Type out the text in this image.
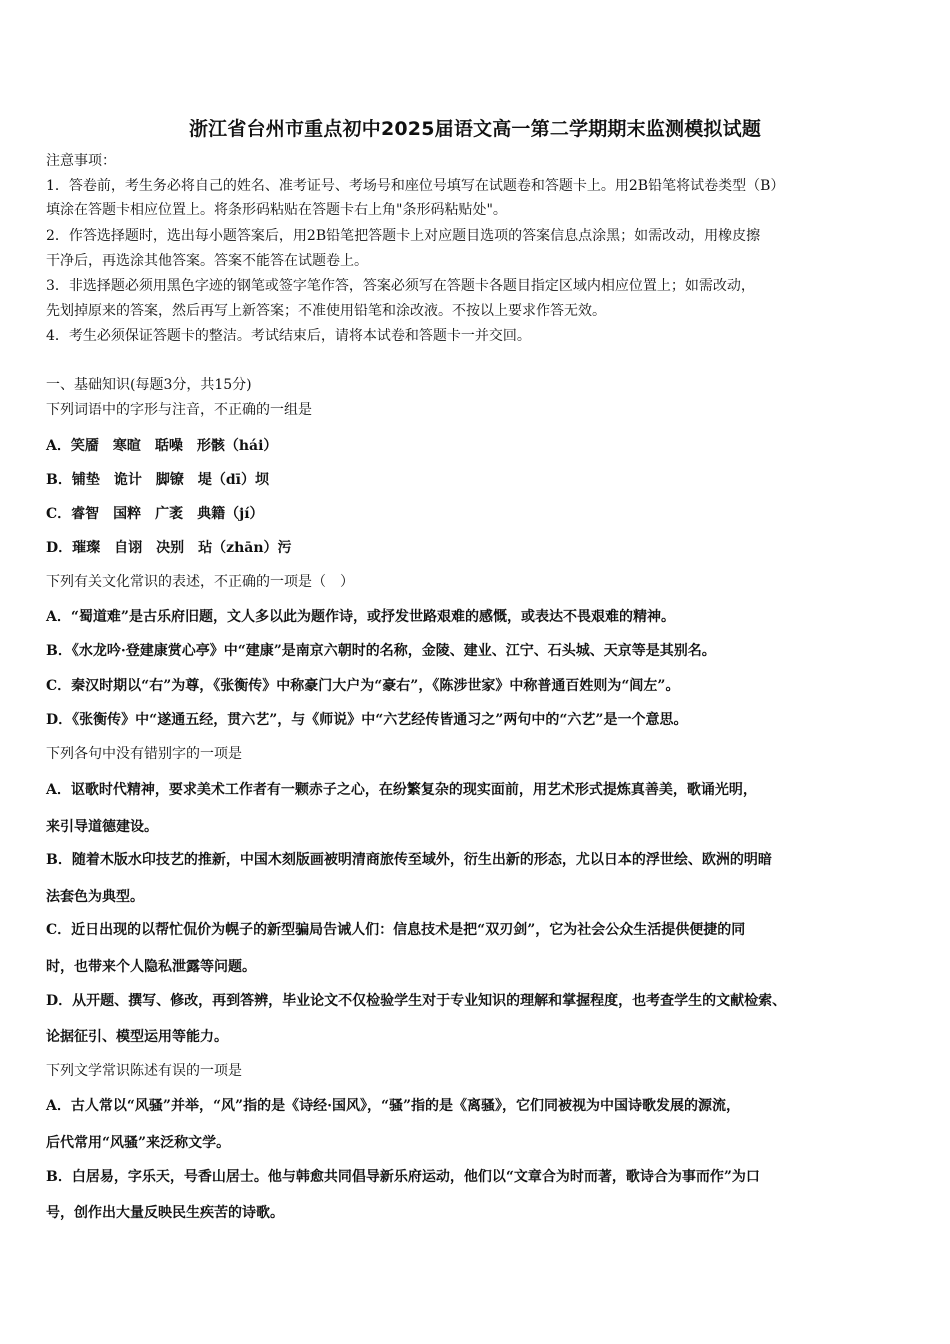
浙江省台州市重点初中2025届语文高一第二学期期末监测模拟试题
注意事项：
1．答卷前，考生务必将自己的姓名、准考证号、考场号和座位号填写在试题卷和答题卡上。用2B铅笔将试卷类型（B）
填涂在答题卡相应位置上。将条形码粘贴在答题卡右上角"条形码粘贴处"。
2．作答选择题时，选出每小题答案后，用2B铅笔把答题卡上对应题目选项的答案信息点涂黑；如需改动，用橡皮擦
干净后，再选涂其他答案。答案不能答在试题卷上。
3．非选择题必须用黑色字迹的钢笔或签字笔作答，答案必须写在答题卡各题目指定区域内相应位置上；如需改动，
先划掉原来的答案，然后再写上新答案；不准使用铅笔和涂改液。不按以上要求作答无效。
4．考生必须保证答题卡的整洁。考试结束后，请将本试卷和答题卡一并交回。
一、基础知识(每题3分，共15分)
下列词语中的字形与注音，不正确的一组是
A．笑靥　寒暄　聒噪　形骸（hái）
B．铺垫　诡计　脚镣　堤（dī）坝
C．睿智　国粹　广袤　典籍（jí）
D．璀璨　自诩　决别　玷（zhān）污
下列有关文化常识的表述，不正确的一项是（　）
A．“蜀道难”是古乐府旧题，文人多以此为题作诗，或抒发世路艰难的感慨，或表达不畏艰难的精神。
B．《水龙吟·登建康赏心亭》中“建康”是南京六朝时的名称，金陵、建业、江宁、石头城、天京等是其别名。
C．秦汉时期以“右”为尊，《张衡传》中称豪门大户为“豪右”，《陈涉世家》中称普通百姓则为“闾左”。
D．《张衡传》中“遂通五经，贯六艺”，与《师说》中“六艺经传皆通习之”两句中的“六艺”是一个意思。
下列各句中没有错别字的一项是
A．讴歌时代精神，要求美术工作者有一颗赤子之心，在纷繁复杂的现实面前，用艺术形式提炼真善美，歌诵光明，
来引导道德建设。
B．随着木版水印技艺的推新，中国木刻版画被明清商旅传至域外，衍生出新的形态，尤以日本的浮世绘、欧洲的明暗
法套色为典型。
C．近日出现的以帮忙侃价为幌子的新型骗局告诫人们：信息技术是把“双刃剑”，它为社会公众生活提供便捷的同
时，也带来个人隐私泄露等问题。
D．从开题、撰写、修改，再到答辨，毕业论文不仅检验学生对于专业知识的理解和掌握程度，也考查学生的文献检索、
论据征引、模型运用等能力。
下列文学常识陈述有误的一项是
A．古人常以“风骚”并举，“风”指的是《诗经·国风》，“骚”指的是《离骚》，它们同被视为中国诗歌发展的源流，
后代常用“风骚”来泛称文学。
B．白居易，字乐天，号香山居士。他与韩愈共同倡导新乐府运动，他们以“文章合为时而著，歌诗合为事而作”为口
号，创作出大量反映民生疾苦的诗歌。
